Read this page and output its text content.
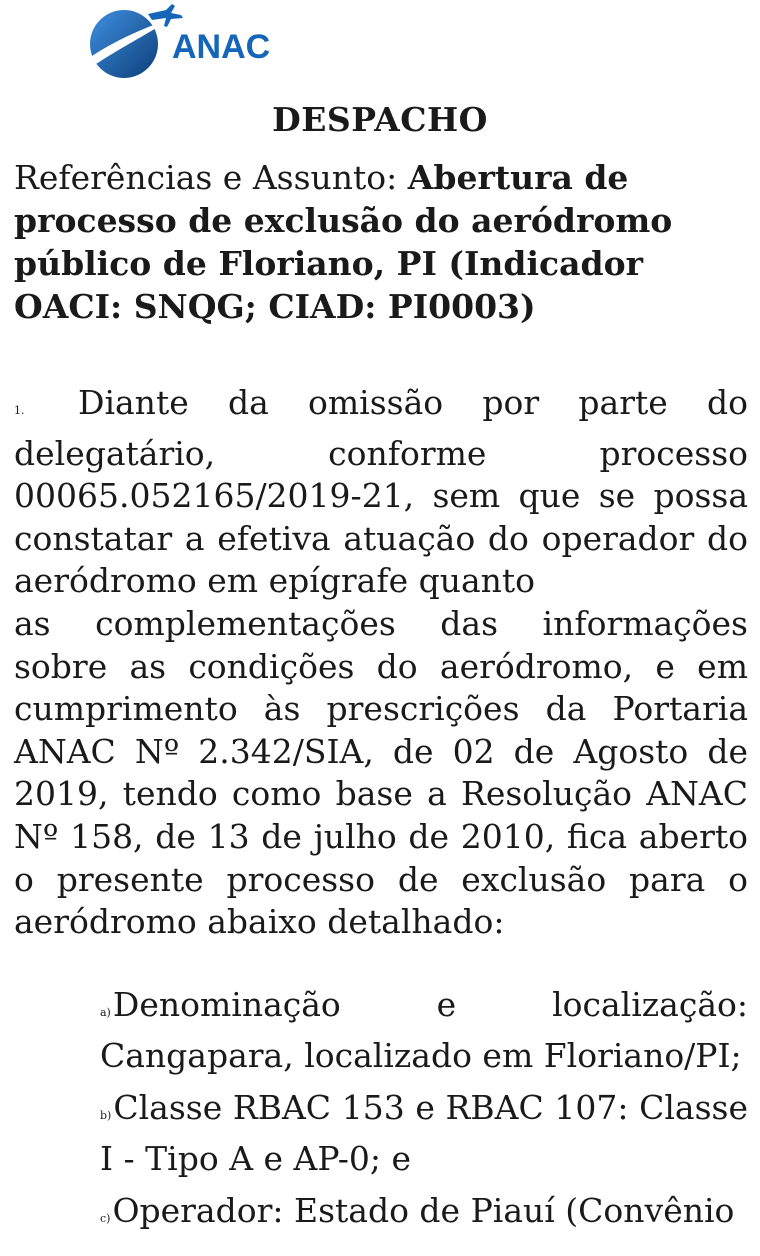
ANAC
DESPACHO
Referências e Assunto: Abertura de processo de exclusão do aeródromo público de Floriano, PI (Indicador OACI: SNQG; CIAD: PI0003)
1. Diante da omissão por parte do delegatário, conforme processo 00065.052165/2019-21, sem que se possa constatar a efetiva atuação do operador do aeródromo em epígrafe quanto
as complementações das informações sobre as condições do aeródromo, e em cumprimento às prescrições da Portaria ANAC Nº 2.342/SIA, de 02 de Agosto de 2019, tendo como base a Resolução ANAC Nº 158, de 13 de julho de 2010, fica aberto o presente processo de exclusão para o aeródromo abaixo detalhado:
a)Denominação e localização: Cangapara, localizado em Floriano/PI;
b)Classe RBAC 153 e RBAC 107: Classe I - Tipo A e AP-0; e
c)Operador: Estado de Piauí (Convênio
